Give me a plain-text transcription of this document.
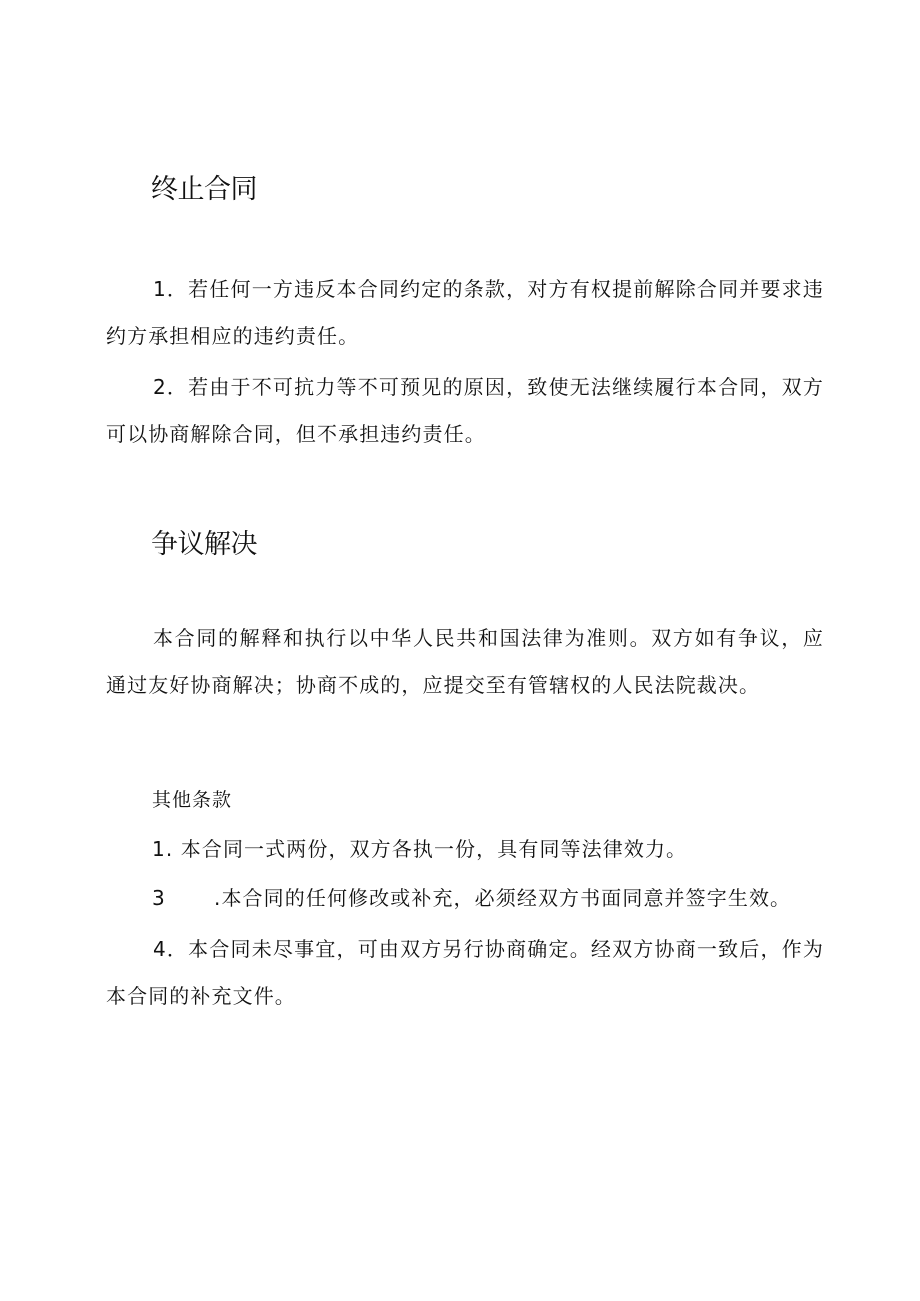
终止合同

1．若任何一方违反本合同约定的条款，对方有权提前解除合同并要求违约方承担相应的违约责任。

2．若由于不可抗力等不可预见的原因，致使无法继续履行本合同，双方可以协商解除合同，但不承担违约责任。

争议解决

本合同的解释和执行以中华人民共和国法律为准则。双方如有争议，应通过友好协商解决；协商不成的，应提交至有管辖权的人民法院裁决。

其他条款
1. 本合同一式两份，双方各执一份，具有同等法律效力。
3 .本合同的任何修改或补充，必须经双方书面同意并签字生效。

4．本合同未尽事宜，可由双方另行协商确定。经双方协商一致后，作为本合同的补充文件。
